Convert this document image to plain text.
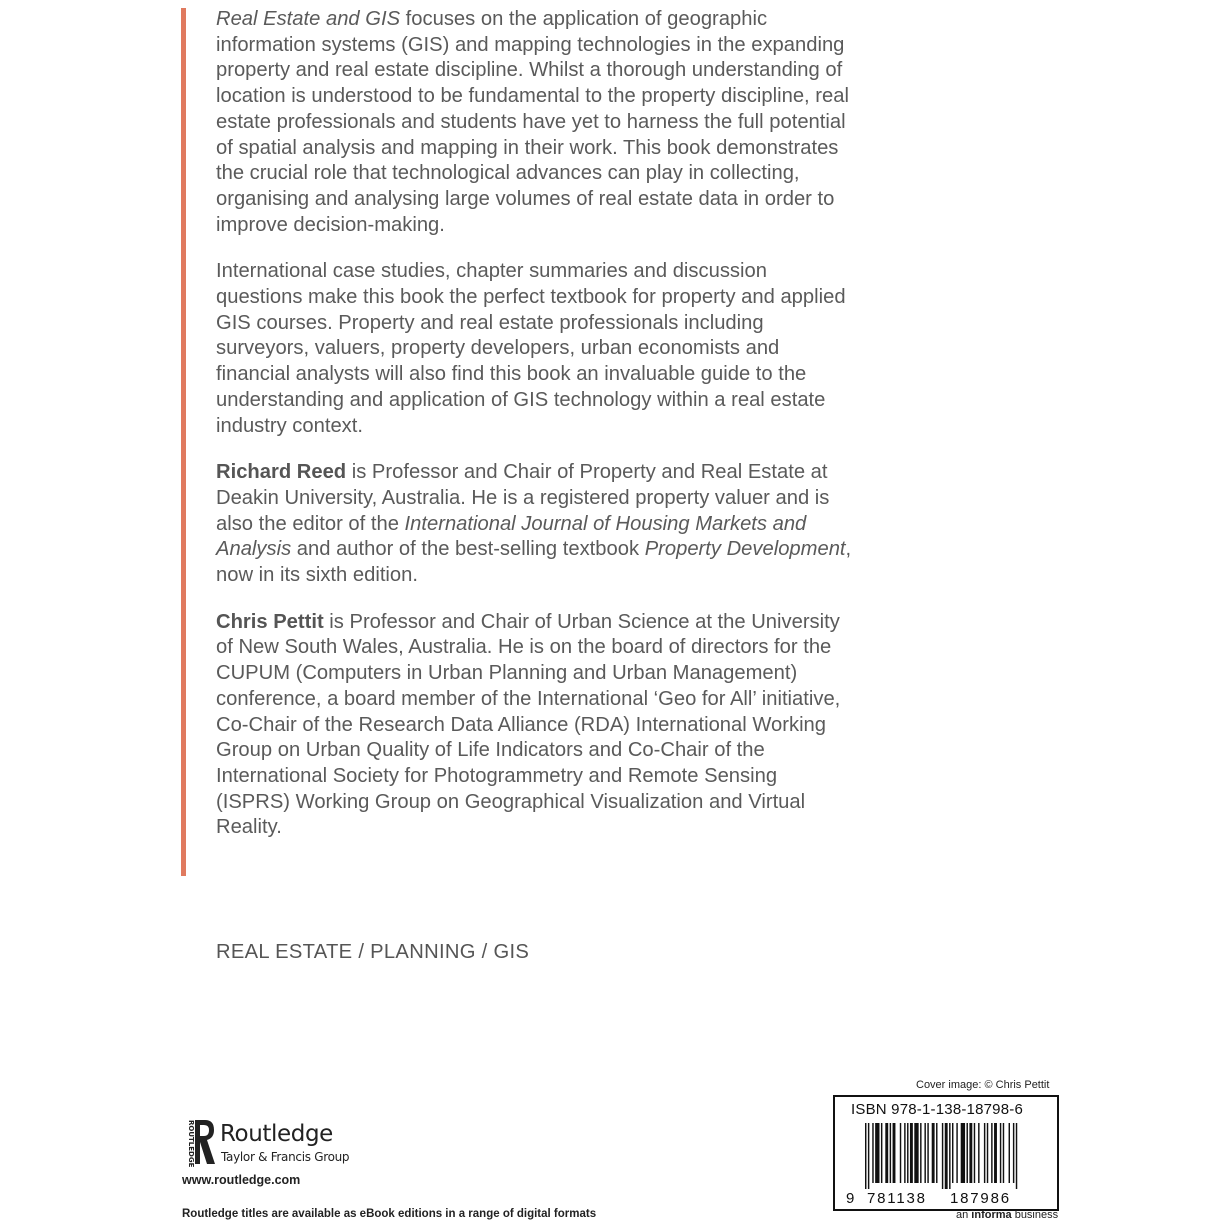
Real Estate and GIS focuses on the application of geographic information systems (GIS) and mapping technologies in the expanding property and real estate discipline. Whilst a thorough understanding of location is understood to be fundamental to the property discipline, real estate professionals and students have yet to harness the full potential of spatial analysis and mapping in their work. This book demonstrates the crucial role that technological advances can play in collecting, organising and analysing large volumes of real estate data in order to improve decision-making.

International case studies, chapter summaries and discussion questions make this book the perfect textbook for property and applied GIS courses. Property and real estate professionals including surveyors, valuers, property developers, urban economists and financial analysts will also find this book an invaluable guide to the understanding and application of GIS technology within a real estate industry context.

Richard Reed is Professor and Chair of Property and Real Estate at Deakin University, Australia. He is a registered property valuer and is also the editor of the International Journal of Housing Markets and Analysis and author of the best-selling textbook Property Development, now in its sixth edition.

Chris Pettit is Professor and Chair of Urban Science at the University of New South Wales, Australia. He is on the board of directors for the CUPUM (Computers in Urban Planning and Urban Management) conference, a board member of the International ‘Geo for All’ initiative, Co-Chair of the Research Data Alliance (RDA) International Working Group on Urban Quality of Life Indicators and Co-Chair of the International Society for Photogrammetry and Remote Sensing (ISPRS) Working Group on Geographical Visualization and Virtual Reality.

REAL ESTATE / PLANNING / GIS
Cover image: © Chris Pettit
ISBN 978-1-138-18798-6
9 781138 187986
ROUTLEDGE Routledge
Taylor & Francis Group
www.routledge.com
Routledge titles are available as eBook editions in a range of digital formats	an informa business
